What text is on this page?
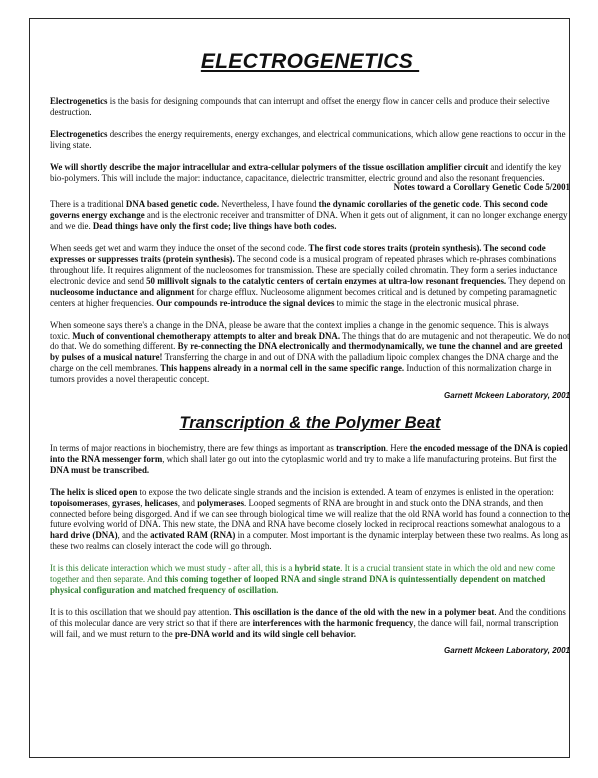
ELECTROGENETICS

Electrogenetics is the basis for designing compounds that can interrupt and offset the energy flow in cancer cells and produce their selective destruction.

Electrogenetics describes the energy requirements, energy exchanges, and electrical communications, which allow gene reactions to occur in the living state.

We will shortly describe the major intracellular and extra-cellular polymers of the tissue oscillation amplifier circuit and identify the key bio-polymers. This will include the major: inductance, capacitance, dielectric transmitter, electric ground and also the resonant frequencies.

Notes toward a Corollary Genetic Code 5/2001

There is a traditional DNA based genetic code. Nevertheless, I have found the dynamic corollaries of the genetic code. This second code governs energy exchange and is the electronic receiver and transmitter of DNA. When it gets out of alignment, it can no longer exchange energy and we die. Dead things have only the first code; live things have both codes.

When seeds get wet and warm they induce the onset of the second code. The first code stores traits (protein synthesis). The second code expresses or suppresses traits (protein synthesis). The second code is a musical program of repeated phrases which re-phrases combinations throughout life. It requires alignment of the nucleosomes for transmission. These are specially coiled chromatin. They form a series inductance electronic device and send 50 millivolt signals to the catalytic centers of certain enzymes at ultra-low resonant frequencies. They depend on nucleosome inductance and alignment for charge efflux. Nucleosome alignment becomes critical and is detuned by competing paramagnetic centers at higher frequencies. Our compounds re-introduce the signal devices to mimic the stage in the electronic musical phrase.

When someone says there's a change in the DNA, please be aware that the context implies a change in the genomic sequence. This is always toxic. Much of conventional chemotherapy attempts to alter and break DNA. The things that do are mutagenic and not therapeutic. We do not do that. We do something different. By re-connecting the DNA electronically and thermodynamically, we tune the channel and are greeted by pulses of a musical nature! Transferring the charge in and out of DNA with the palladium lipoic complex changes the DNA charge and the charge on the cell membranes. This happens already in a normal cell in the same specific range. Induction of this normalization charge in tumors provides a novel therapeutic concept.

Garnett Mckeen Laboratory, 2001
Transcription & the Polymer Beat

In terms of major reactions in biochemistry, there are few things as important as transcription. Here the encoded message of the DNA is copied into the RNA messenger form, which shall later go out into the cytoplasmic world and try to make a life manufacturing proteins. But first the DNA must be transcribed.

The helix is sliced open to expose the two delicate single strands and the incision is extended. A team of enzymes is enlisted in the operation: topoisomerases, gyrases, helicases, and polymerases. Looped segments of RNA are brought in and stuck onto the DNA strands, and then connected before being disgorged. And if we can see through biological time we will realize that the old RNA world has found a connection to the future evolving world of DNA. This new state, the DNA and RNA have become closely locked in reciprocal reactions somewhat analogous to a hard drive (DNA), and the activated RAM (RNA) in a computer. Most important is the dynamic interplay between these two realms. As long as these two realms can closely interact the code will go through.

It is this delicate interaction which we must study - after all, this is a hybrid state. It is a crucial transient state in which the old and new come together and then separate. And this coming together of looped RNA and single strand DNA is quintessentially dependent on matched physical configuration and matched frequency of oscillation.

It is to this oscillation that we should pay attention. This oscillation is the dance of the old with the new in a polymer beat. And the conditions of this molecular dance are very strict so that if there are interferences with the harmonic frequency, the dance will fail, normal transcription will fail, and we must return to the pre-DNA world and its wild single cell behavior.

Garnett Mckeen Laboratory, 2001
